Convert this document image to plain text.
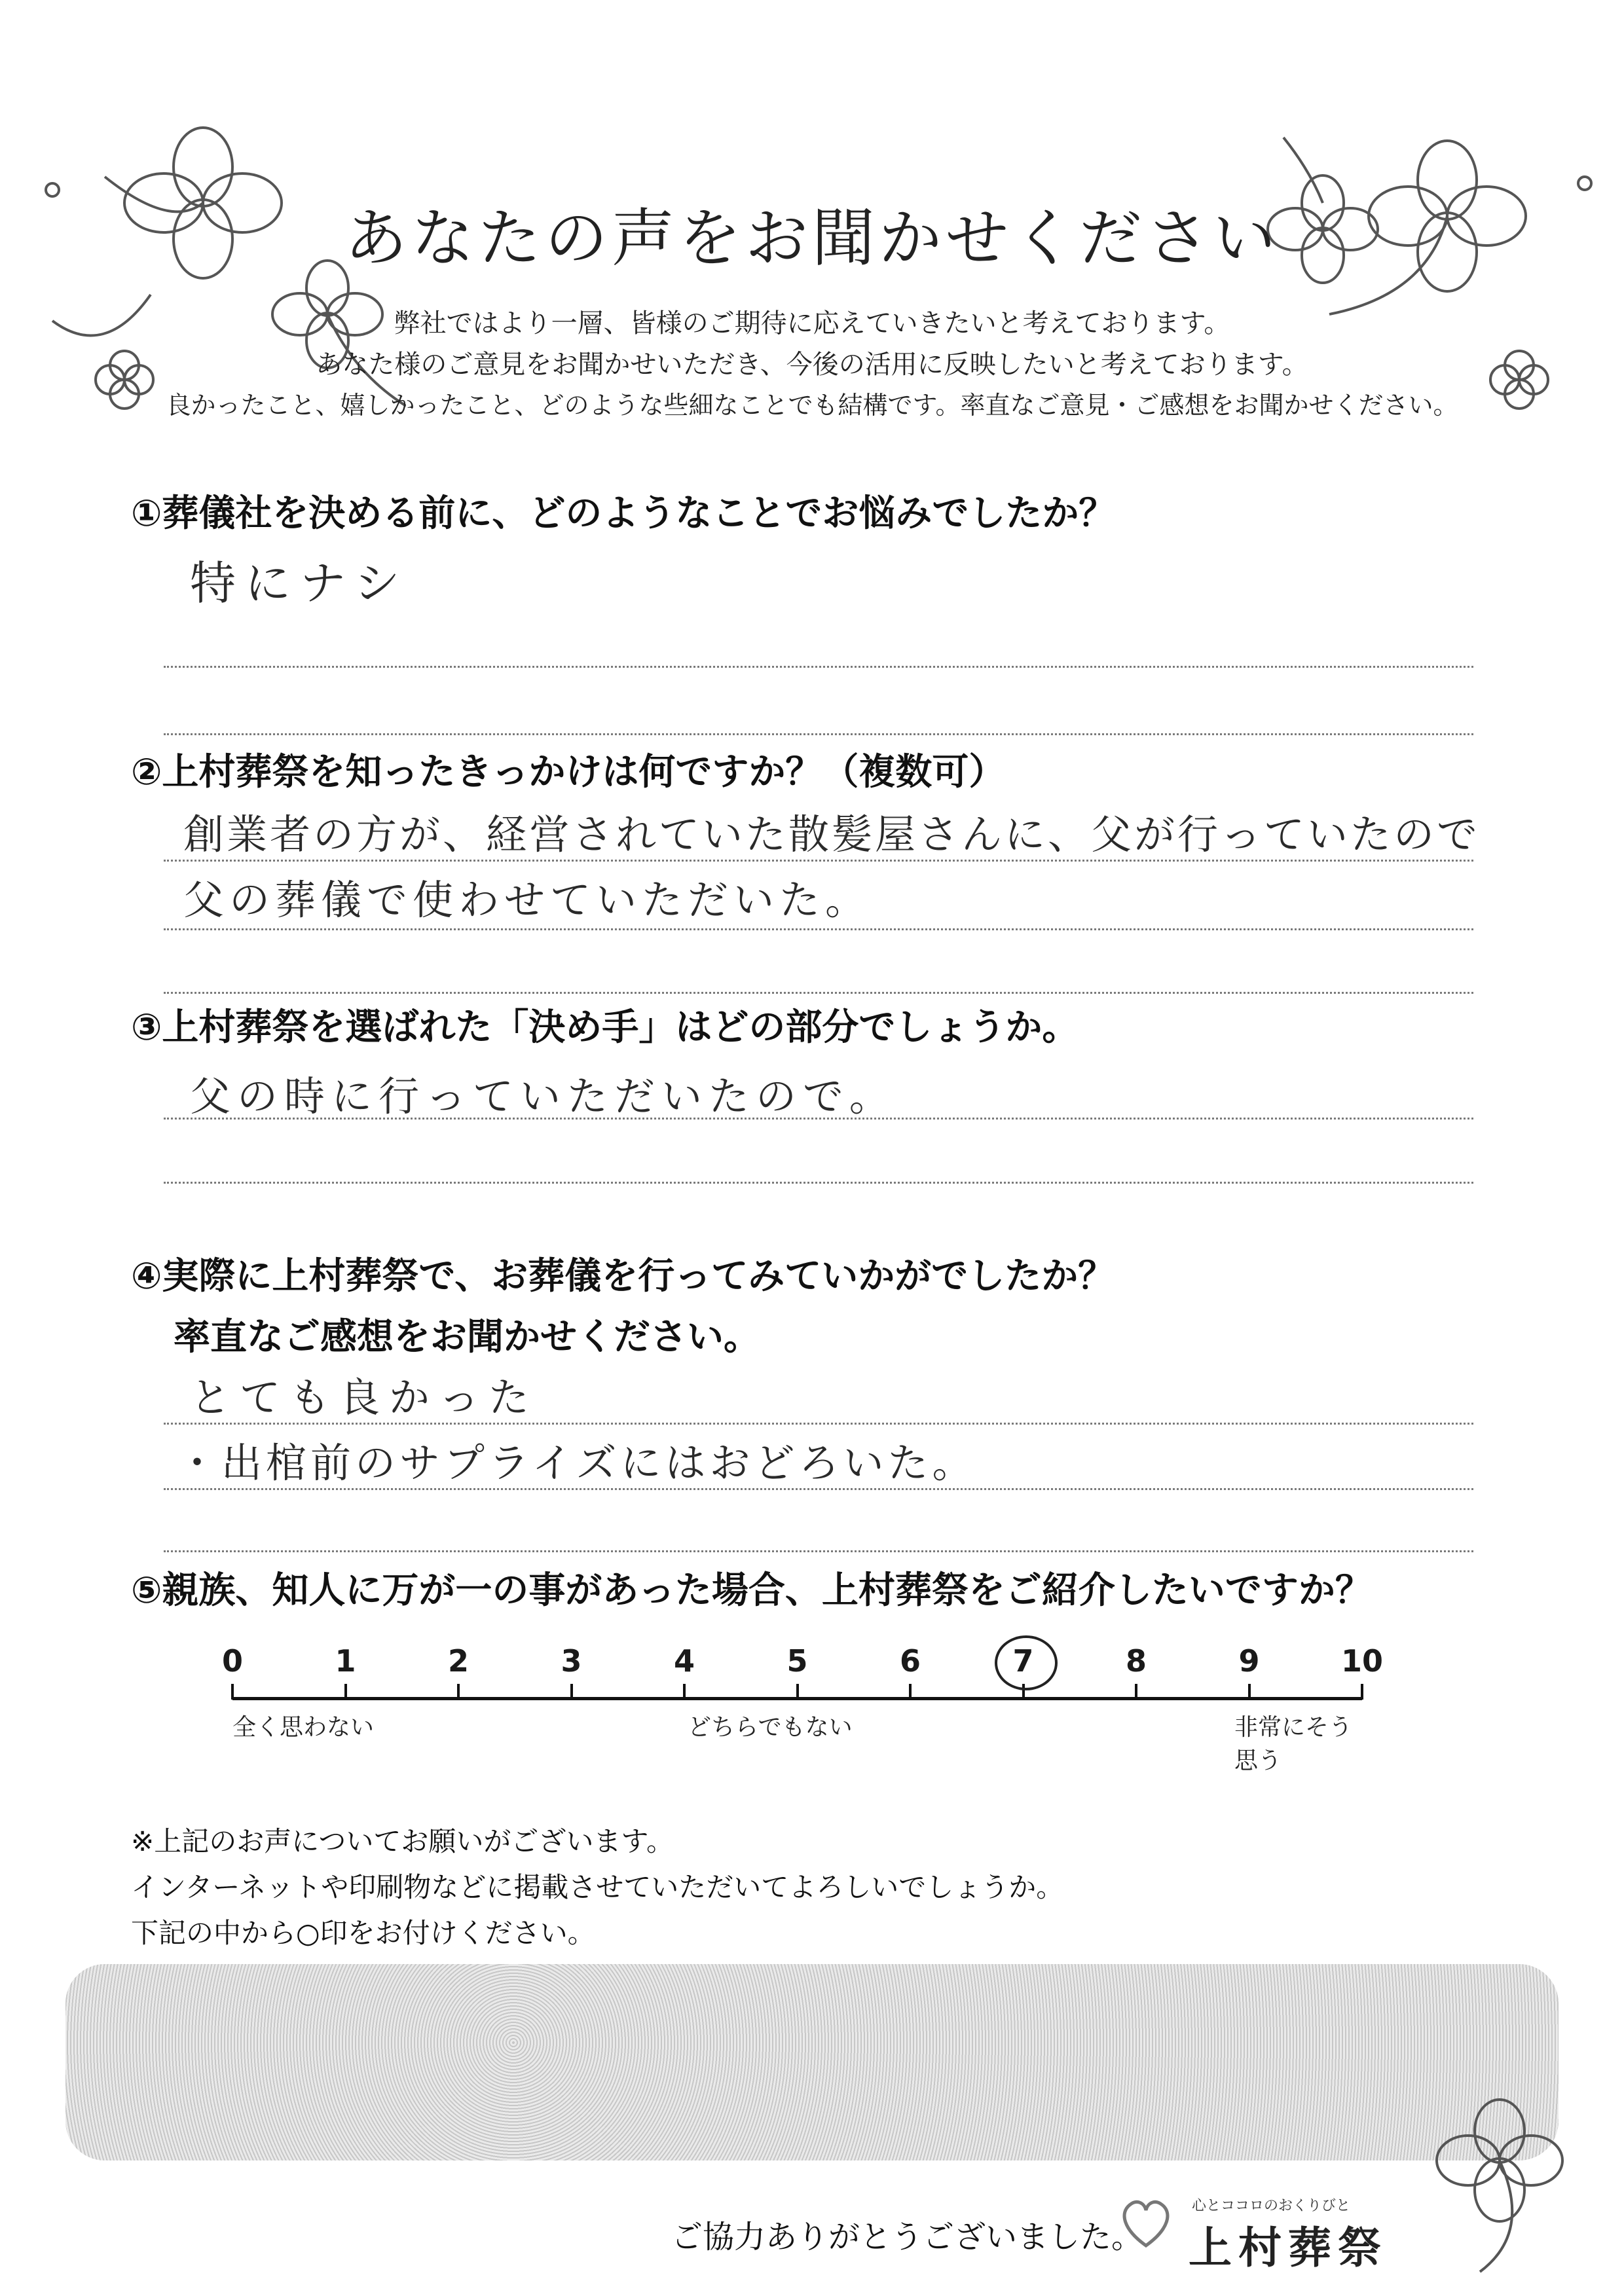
あなたの声をお聞かせください
弊社ではより一層、皆様のご期待に応えていきたいと考えております。
あなた様のご意見をお聞かせいただき、今後の活用に反映したいと考えております。
良かったこと、嬉しかったこと、どのような些細なことでも結構です。率直なご意見・ご感想をお聞かせください。
①葬儀社を決める前に、どのようなことでお悩みでしたか？
特にナシ
②上村葬祭を知ったきっかけは何ですか？（複数可）
創業者の方が、経営されていた散髪屋さんに、父が行っていたので
父の葬儀で使わせていただいた。
③上村葬祭を選ばれた「決め手」はどの部分でしょうか。
父の時に行っていただいたので。
④実際に上村葬祭で、お葬儀を行ってみていかがでしたか？
率直なご感想をお聞かせください。
とても良かった
・出棺前のサプライズにはおどろいた。
⑤親族、知人に万が一の事があった場合、上村葬祭をご紹介したいですか？
0	1	2	3	4	5	6	7	8	9	10
全く思わない	どちらでもない	非常にそう思う
※上記のお声についてお願いがございます。
インターネットや印刷物などに掲載させていただいてよろしいでしょうか。
下記の中から○印をお付けください。
ご協力ありがとうございました。
心とココロのおくりびと
上村葬祭
